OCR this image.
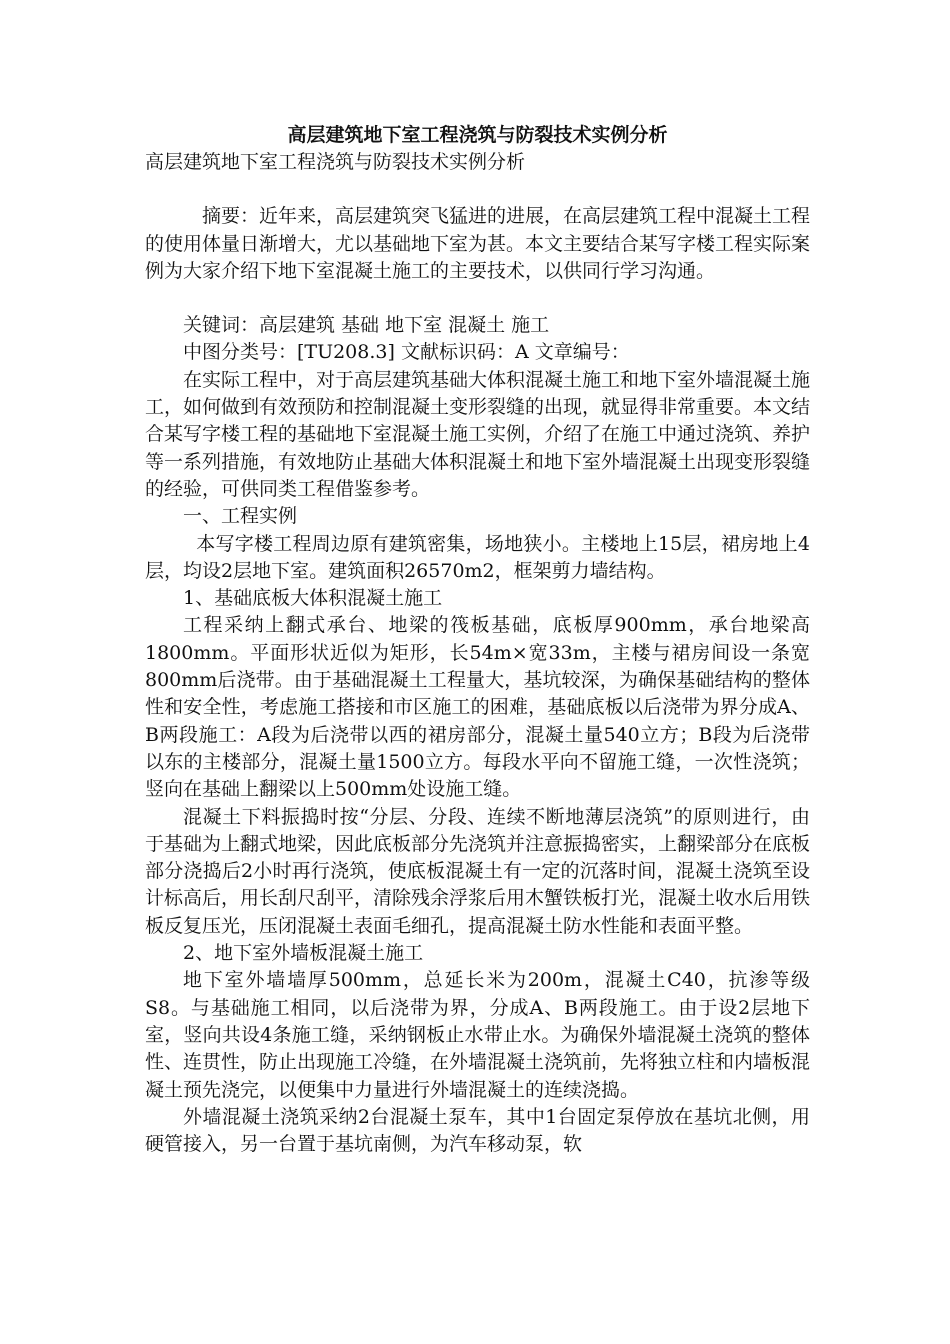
高层建筑地下室工程浇筑与防裂技术实例分析

高层建筑地下室工程浇筑与防裂技术实例分析

摘要：近年来，高层建筑突飞猛进的进展，在高层建筑工程中混凝土工程的使用体量日渐增大，尤以基础地下室为甚。本文主要结合某写字楼工程实际案例为大家介绍下地下室混凝土施工的主要技术，以供同行学习沟通。

关键词：高层建筑 基础 地下室 混凝土 施工

中图分类号：[TU208.3] 文献标识码：A 文章编号：

在实际工程中，对于高层建筑基础大体积混凝土施工和地下室外墙混凝土施工，如何做到有效预防和控制混凝土变形裂缝的出现，就显得非常重要。本文结合某写字楼工程的基础地下室混凝土施工实例，介绍了在施工中通过浇筑、养护等一系列措施，有效地防止基础大体积混凝土和地下室外墙混凝土出现变形裂缝的经验，可供同类工程借鉴参考。

一、工程实例

本写字楼工程周边原有建筑密集，场地狭小。主楼地上15层，裙房地上4层，均设2层地下室。建筑面积26570m2，框架剪力墙结构。

1、基础底板大体积混凝土施工

工程采纳上翻式承台、地梁的筏板基础，底板厚900mm，承台地梁高1800mm。平面形状近似为矩形，长54m×宽33m，主楼与裙房间设一条宽800mm后浇带。由于基础混凝土工程量大，基坑较深，为确保基础结构的整体性和安全性，考虑施工搭接和市区施工的困难，基础底板以后浇带为界分成A、B两段施工：A段为后浇带以西的裙房部分，混凝土量540立方；B段为后浇带以东的主楼部分，混凝土量1500立方。每段水平向不留施工缝，一次性浇筑；竖向在基础上翻梁以上500mm处设施工缝。

混凝土下料振捣时按“分层、分段、连续不断地薄层浇筑”的原则进行，由于基础为上翻式地梁，因此底板部分先浇筑并注意振捣密实，上翻梁部分在底板部分浇捣后2小时再行浇筑，使底板混凝土有一定的沉落时间，混凝土浇筑至设计标高后，用长刮尺刮平，清除残余浮浆后用木蟹铁板打光，混凝土收水后用铁板反复压光，压闭混凝土表面毛细孔，提高混凝土防水性能和表面平整。

2、地下室外墙板混凝土施工

地下室外墙墙厚500mm，总延长米为200m，混凝土C40，抗渗等级S8。与基础施工相同，以后浇带为界，分成A、B两段施工。由于设2层地下室，竖向共设4条施工缝，采纳钢板止水带止水。为确保外墙混凝土浇筑的整体性、连贯性，防止出现施工冷缝，在外墙混凝土浇筑前，先将独立柱和内墙板混凝土预先浇完，以便集中力量进行外墙混凝土的连续浇捣。

外墙混凝土浇筑采纳2台混凝土泵车，其中1台固定泵停放在基坑北侧，用硬管接入，另一台置于基坑南侧，为汽车移动泵，软
